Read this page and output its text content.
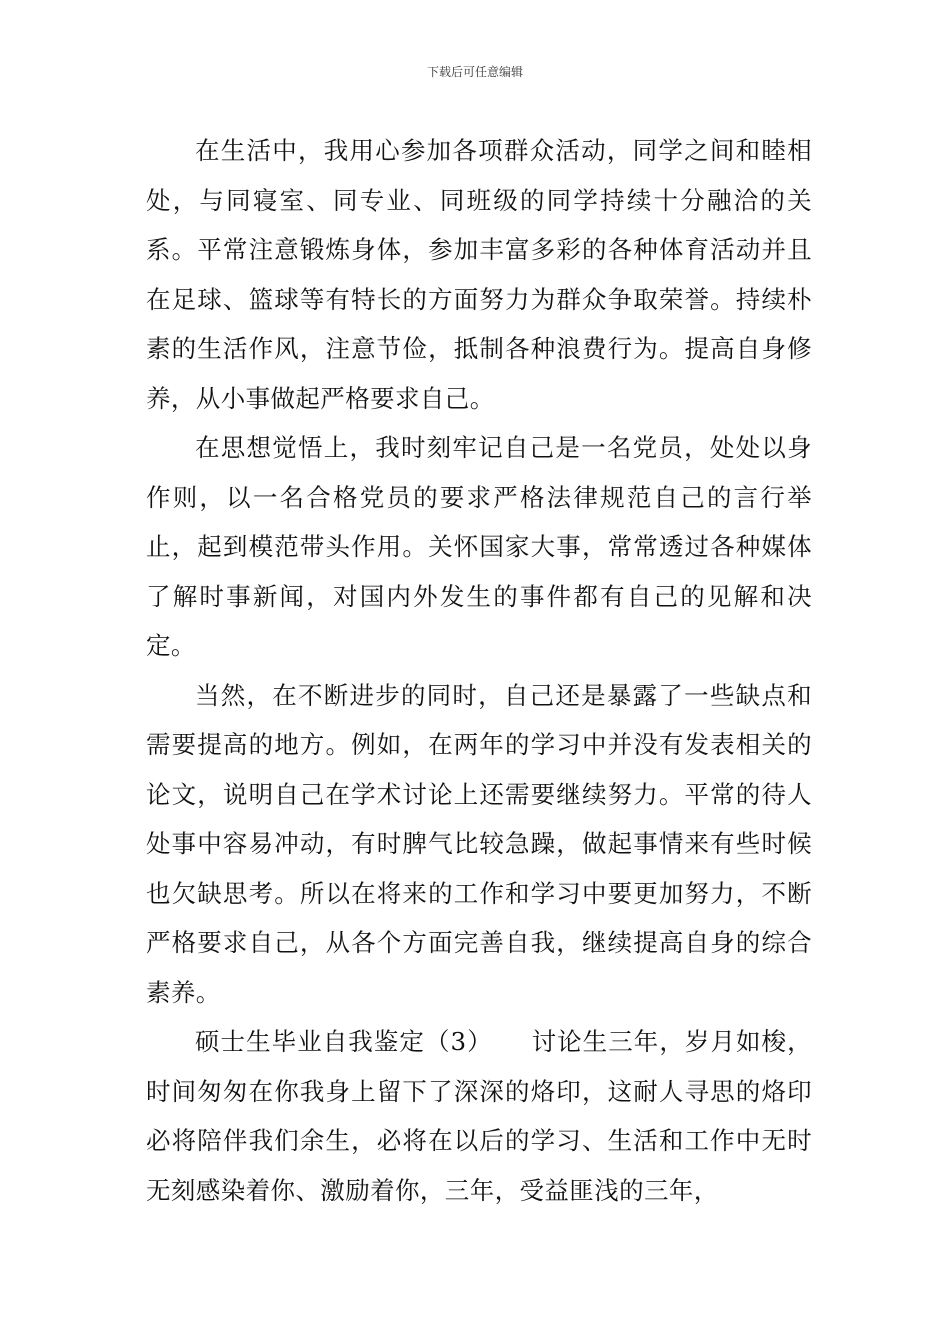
下载后可任意编辑

在生活中，我用心参加各项群众活动，同学之间和睦相处，与同寝室、同专业、同班级的同学持续十分融洽的关系。平常注意锻炼身体，参加丰富多彩的各种体育活动并且在足球、篮球等有特长的方面努力为群众争取荣誉。持续朴素的生活作风，注意节俭，抵制各种浪费行为。提高自身修养，从小事做起严格要求自己。

在思想觉悟上，我时刻牢记自己是一名党员，处处以身作则，以一名合格党员的要求严格法律规范自己的言行举止，起到模范带头作用。关怀国家大事，常常透过各种媒体了解时事新闻，对国内外发生的事件都有自己的见解和决定。

当然，在不断进步的同时，自己还是暴露了一些缺点和需要提高的地方。例如，在两年的学习中并没有发表相关的论文，说明自己在学术讨论上还需要继续努力。平常的待人处事中容易冲动，有时脾气比较急躁，做起事情来有些时候也欠缺思考。所以在将来的工作和学习中要更加努力，不断严格要求自己，从各个方面完善自我，继续提高自身的综合素养。

硕士生毕业自我鉴定（3）　　 讨论生三年，岁月如梭，时间匆匆在你我身上留下了深深的烙印，这耐人寻思的烙印必将陪伴我们余生，必将在以后的学习、生活和工作中无时无刻感染着你、激励着你，三年，受益匪浅的三年，
